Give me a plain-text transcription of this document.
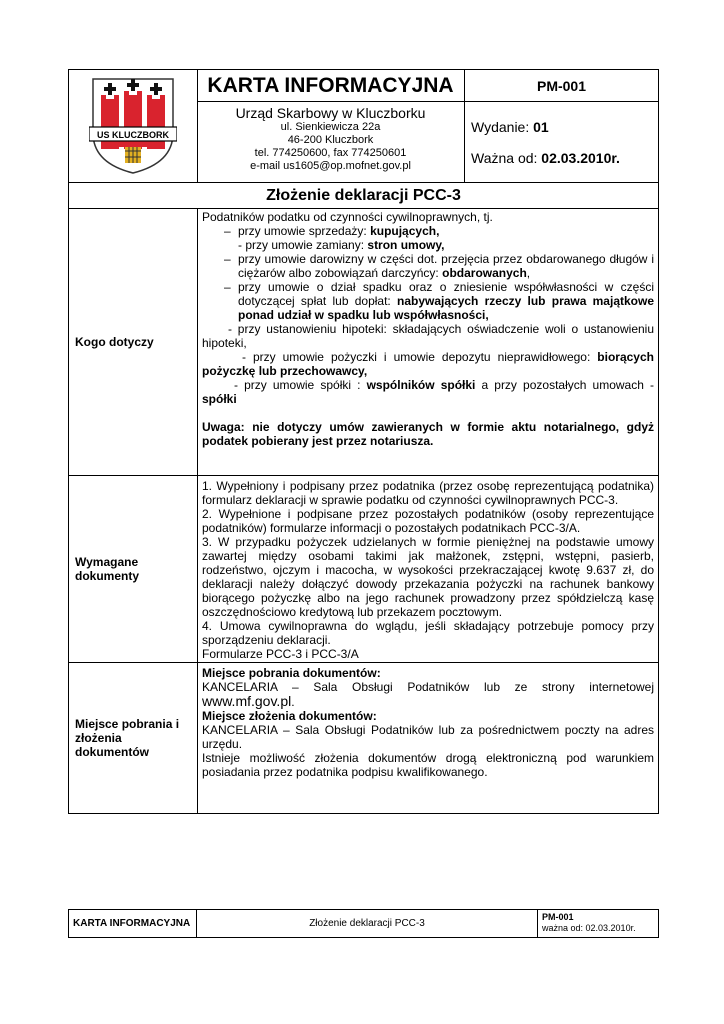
US KLUCZBORK
KARTA INFORMACYJNA	PM-001
Urząd Skarbowy w Kluczborku
ul. Sienkiewicza 22a
46-200 Kluczbork
tel. 774250600, fax 774250601
e-mail us1605@op.mofnet.gov.pl
Wydanie: 01
Ważna od: 02.03.2010r.
Złożenie deklaracji PCC-3
Kogo dotyczy

Podatników podatku od czynności cywilnoprawnych, tj.

– przy umowie sprzedaży: kupujących,

- przy umowie zamiany: stron umowy,

– przy umowie darowizny w części dot. przejęcia przez obdarowanego długów i ciężarów albo zobowiązań darczyńcy: obdarowanych,
– przy umowie o dział spadku oraz o zniesienie współwłasności w części dotyczącej spłat lub dopłat: nabywających rzeczy lub prawa majątkowe ponad udział w spadku lub współwłasności,

- przy ustanowieniu hipoteki: składających oświadczenie woli o ustanowieniu hipoteki,

- przy umowie pożyczki i umowie depozytu nieprawidłowego: biorących pożyczkę lub przechowawcy,

- przy umowie spółki : wspólników spółki a przy pozostałych umowach - spółki

Uwaga: nie dotyczy umów zawieranych w formie aktu notarialnego, gdyż podatek pobierany jest przez notariusza.

Wymagane dokumenty

1. Wypełniony i podpisany przez podatnika (przez osobę reprezentującą podatnika) formularz deklaracji w sprawie podatku od czynności cywilnoprawnych PCC-3.

2. Wypełnione i podpisane przez pozostałych podatników (osoby reprezentujące podatników) formularze informacji o pozostałych podatnikach PCC-3/A.

3. W przypadku pożyczek udzielanych w formie pieniężnej na podstawie umowy zawartej między osobami takimi jak małżonek, zstępni, wstępni, pasierb, rodzeństwo, ojczym i macocha, w wysokości przekraczającej kwotę 9.637 zł, do deklaracji należy dołączyć dowody przekazania pożyczki na rachunek bankowy biorącego pożyczkę albo na jego rachunek prowadzony przez spółdzielczą kasę oszczędnościowo kredytową lub przekazem pocztowym.

4. Umowa cywilnoprawna do wglądu, jeśli składający potrzebuje pomocy przy sporządzeniu deklaracji.

Formularze PCC-3 i PCC-3/A

Miejsce pobrania i złożenia dokumentów

Miejsce pobrania dokumentów:

KANCELARIA – Sala Obsługi Podatników lub ze strony internetowej

www.mf.gov.pl.

Miejsce złożenia dokumentów:

KANCELARIA – Sala Obsługi Podatników lub za pośrednictwem poczty na adres urzędu.

Istnieje możliwość złożenia dokumentów drogą elektroniczną pod warunkiem posiadania przez podatnika podpisu kwalifikowanego.

KARTA INFORMACYJNA	Złożenie deklaracji PCC-3
PM-001
ważna od: 02.03.2010r.
